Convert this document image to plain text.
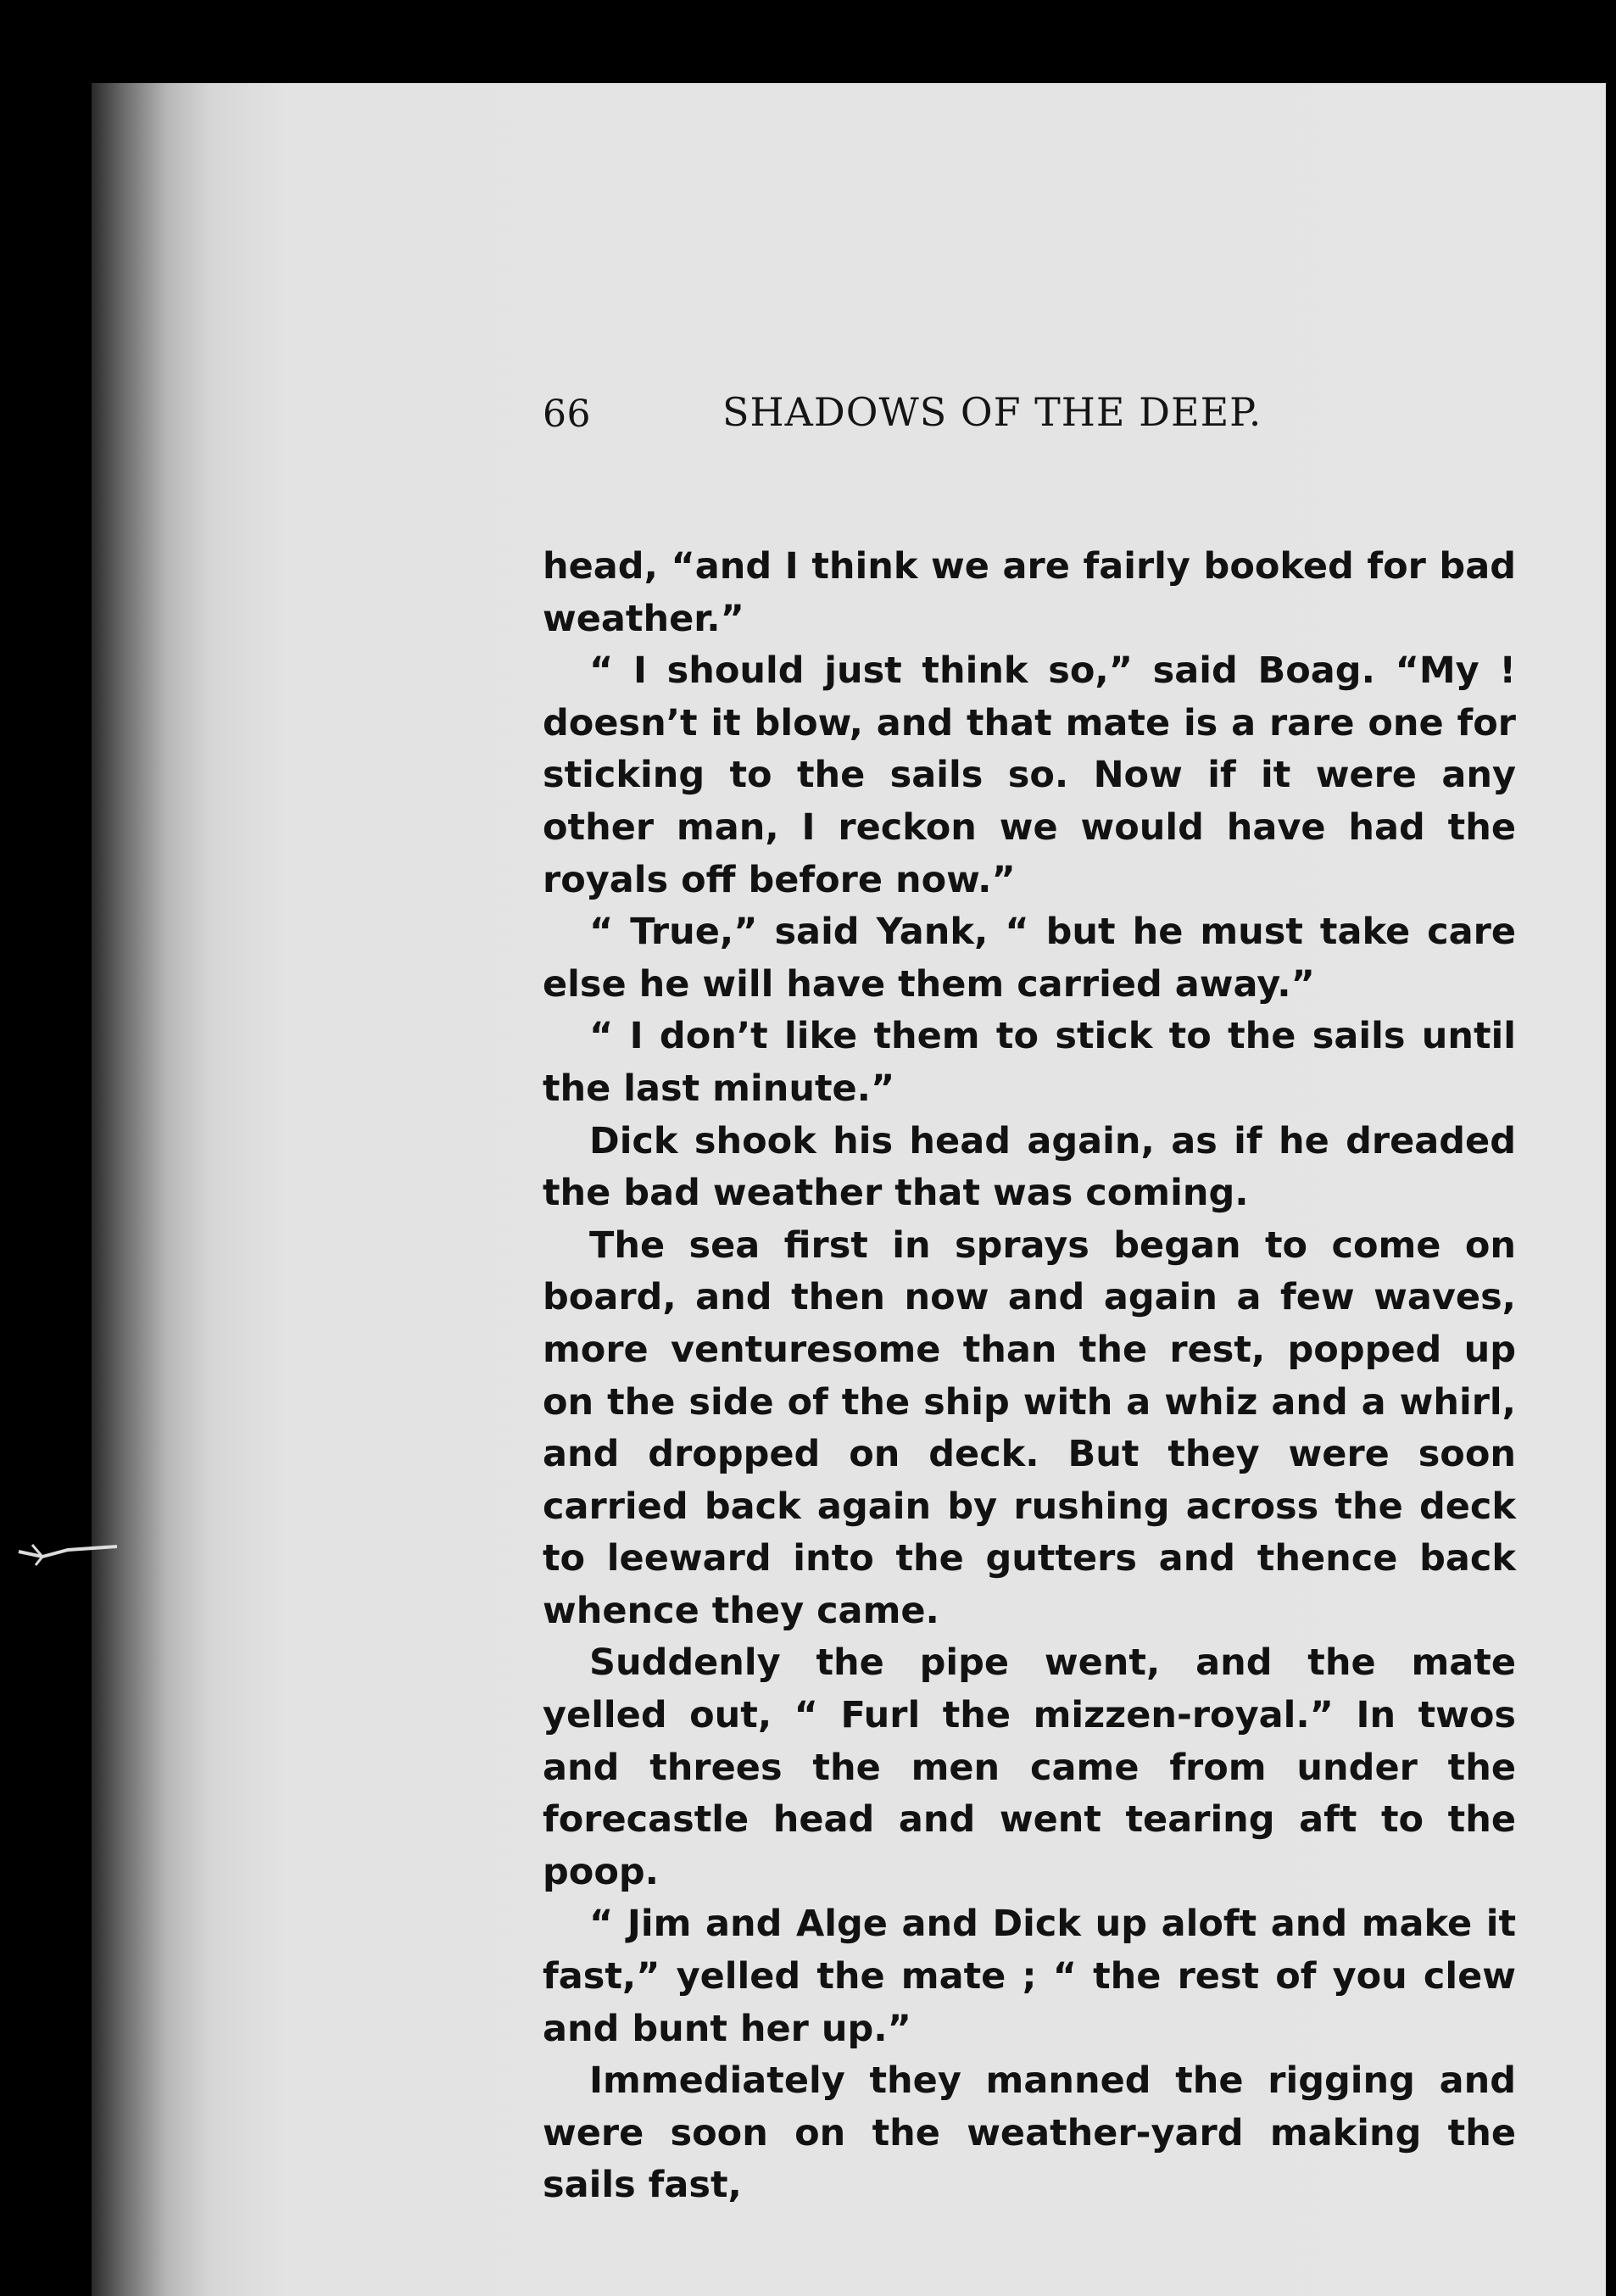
66	SHADOWS OF THE DEEP.

head, “and I think we are fairly booked for bad weather.”

“ I should just think so,” said Boag. “My ! doesn’t it blow, and that mate is a rare one for sticking to the sails so. Now if it were any other man, I reckon we would have had the royals off before now.”

“ True,” said Yank, “ but he must take care else he will have them carried away.”

“ I don’t like them to stick to the sails until the last minute.”

Dick shook his head again, as if he dreaded the bad weather that was coming.

The sea first in sprays began to come on board, and then now and again a few waves, more venturesome than the rest, popped up on the side of the ship with a whiz and a whirl, and dropped on deck. But they were soon carried back again by rushing across the deck to leeward into the gutters and thence back whence they came.

Suddenly the pipe went, and the mate yelled out, “ Furl the mizzen-royal.” In twos and threes the men came from under the forecastle head and went tearing aft to the poop.

“ Jim and Alge and Dick up aloft and make it fast,” yelled the mate ; “ the rest of you clew and bunt her up.”

Immediately they manned the rigging and were soon on the weather-yard making the sails fast,
